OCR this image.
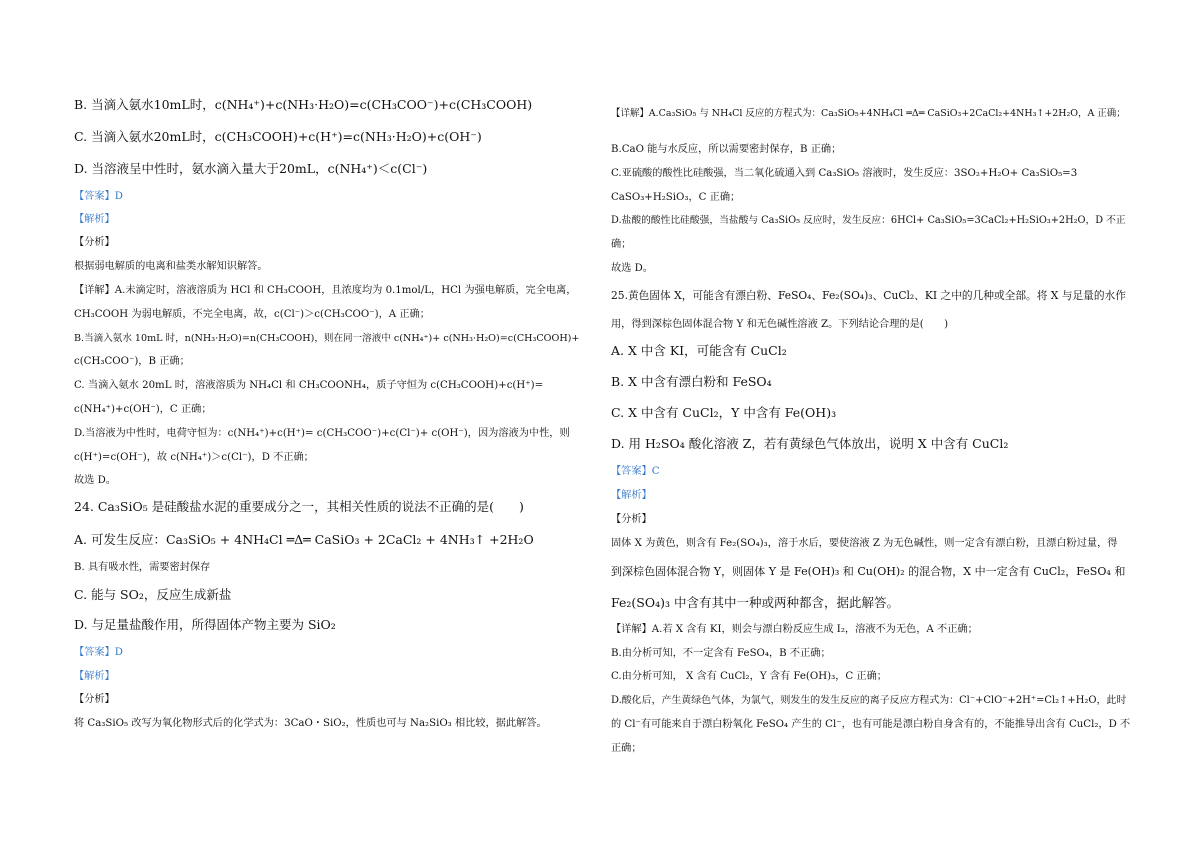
B. 当滴入氨水10mL时，c(NH₄⁺)+c(NH₃·H₂O)=c(CH₃COO⁻)+c(CH₃COOH)
C. 当滴入氨水20mL时，c(CH₃COOH)+c(H⁺)=c(NH₃·H₂O)+c(OH⁻)
D. 当溶液呈中性时，氨水滴入量大于20mL，c(NH₄⁺)＜c(Cl⁻)
【答案】D
【解析】
【分析】
根据弱电解质的电离和盐类水解知识解答。
【详解】A.未滴定时，溶液溶质为 HCl 和 CH₃COOH，且浓度均为 0.1mol/L，HCl 为强电解质，完全电离，
CH₃COOH 为弱电解质，不完全电离，故，c(Cl⁻)＞c(CH₃COO⁻)，A 正确；
B.当滴入氨水 10mL 时，n(NH₃·H₂O)=n(CH₃COOH)，则在同一溶液中 c(NH₄⁺)+ c(NH₃·H₂O)=c(CH₃COOH)+
c(CH₃COO⁻)，B 正确；
C. 当滴入氨水 20mL 时，溶液溶质为 NH₄Cl 和 CH₃COONH₄，质子守恒为 c(CH₃COOH)+c(H⁺)=
c(NH₄⁺)+c(OH⁻)，C 正确；
D.当溶液为中性时，电荷守恒为：c(NH₄⁺)+c(H⁺)= c(CH₃COO⁻)+c(Cl⁻)+ c(OH⁻)，因为溶液为中性，则
c(H⁺)=c(OH⁻)，故 c(NH₄⁺)＞c(Cl⁻)，D 不正确；
故选 D。
24. Ca₃SiO₅ 是硅酸盐水泥的重要成分之一，其相关性质的说法不正确的是(　　)
A. 可发生反应：Ca₃SiO₅ + 4NH₄Cl ═Δ═ CaSiO₃ + 2CaCl₂ + 4NH₃↑ +2H₂O
B. 具有吸水性，需要密封保存
C. 能与 SO₂，反应生成新盐
D. 与足量盐酸作用，所得固体产物主要为 SiO₂
【答案】D
【解析】
【分析】
将 Ca₃SiO₅ 改写为氧化物形式后的化学式为：3CaO・SiO₂，性质也可与 Na₂SiO₃ 相比较，据此解答。
【详解】A.Ca₃SiO₅ 与 NH₄Cl 反应的方程式为：Ca₃SiO₅+4NH₄Cl ═Δ═ CaSiO₃+2CaCl₂+4NH₃↑+2H₂O，A 正确；
B.CaO 能与水反应，所以需要密封保存，B 正确；
C.亚硫酸的酸性比硅酸强，当二氧化硫通入到 Ca₃SiO₅ 溶液时，发生反应：3SO₂+H₂O+ Ca₃SiO₅=3
CaSO₃+H₂SiO₃，C 正确；
D.盐酸的酸性比硅酸强，当盐酸与 Ca₃SiO₅ 反应时，发生反应：6HCl+ Ca₃SiO₅=3CaCl₂+H₂SiO₃+2H₂O，D 不正
确；
故选 D。
25.黄色固体 X，可能含有漂白粉、FeSO₄、Fe₂(SO₄)₃、CuCl₂、KI 之中的几种或全部。将 X 与足量的水作
用，得到深棕色固体混合物 Y 和无色碱性溶液 Z。下列结论合理的是(　　)
A. X 中含 KI，可能含有 CuCl₂
B. X 中含有漂白粉和 FeSO₄
C. X 中含有 CuCl₂，Y 中含有 Fe(OH)₃
D. 用 H₂SO₄ 酸化溶液 Z，若有黄绿色气体放出，说明 X 中含有 CuCl₂
【答案】C
【解析】
【分析】
固体 X 为黄色，则含有 Fe₂(SO₄)₃，溶于水后，要使溶液 Z 为无色碱性，则一定含有漂白粉，且漂白粉过量，得
到深棕色固体混合物 Y，则固体 Y 是 Fe(OH)₃ 和 Cu(OH)₂ 的混合物，X 中一定含有 CuCl₂，FeSO₄ 和
Fe₂(SO₄)₃ 中含有其中一种或两种都含，据此解答。
【详解】A.若 X 含有 KI，则会与漂白粉反应生成 I₂，溶液不为无色，A 不正确；
B.由分析可知，不一定含有 FeSO₄，B 不正确；
C.由分析可知， X 含有 CuCl₂，Y 含有 Fe(OH)₃，C 正确；
D.酸化后，产生黄绿色气体，为氯气，则发生的发生反应的离子反应方程式为：Cl⁻+ClO⁻+2H⁺=Cl₂↑+H₂O，此时
的 Cl⁻有可能来自于漂白粉氧化 FeSO₄ 产生的 Cl⁻，也有可能是漂白粉自身含有的，不能推导出含有 CuCl₂，D 不
正确；
